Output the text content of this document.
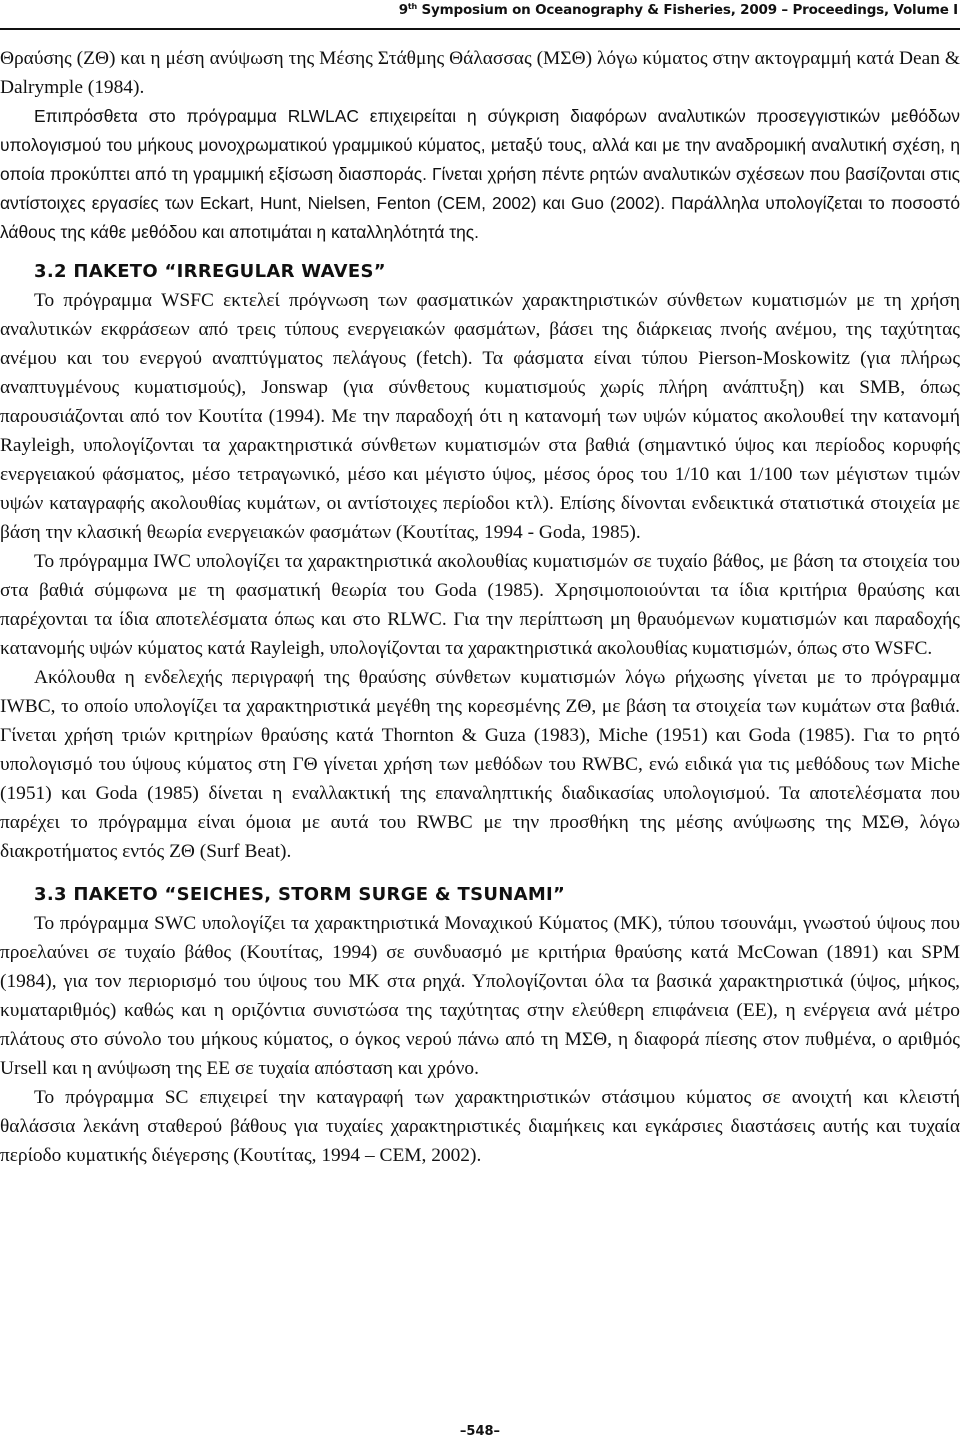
9th Symposium on Oceanography & Fisheries, 2009 – Proceedings, Volume I

Θραύσης (ΖΘ) και η μέση ανύψωση της Μέσης Στάθμης Θάλασσας (ΜΣΘ) λόγω κύματος στην ακτογραμμή κατά Dean & Dalrymple (1984).

Επιπρόσθετα στο πρόγραμμα RLWLAC επιχειρείται η σύγκριση διαφόρων αναλυτικών προσεγγιστικών μεθόδων υπολογισμού του μήκους μονοχρωματικού γραμμικού κύματος, μεταξύ τους, αλλά και με την αναδρομική αναλυτική σχέση, η οποία προκύπτει από τη γραμμική εξίσωση διασποράς. Γίνεται χρήση πέντε ρητών αναλυτικών σχέσεων που βασίζονται στις αντίστοιχες εργασίες των Eckart, Hunt, Nielsen, Fenton (CEM, 2002) και Guo (2002). Παράλληλα υπολογίζεται το ποσοστό λάθους της κάθε μεθόδου και αποτιμάται η καταλληλότητά της.

3.2 ΠΑΚΕΤΟ “IRREGULAR WAVES”

Το πρόγραμμα WSFC εκτελεί πρόγνωση των φασματικών χαρακτηριστικών σύνθετων κυματισμών με τη χρήση αναλυτικών εκφράσεων από τρεις τύπους ενεργειακών φασμάτων, βάσει της διάρκειας πνοής ανέμου, της ταχύτητας ανέμου και του ενεργού αναπτύγματος πελάγους (fetch). Τα φάσματα είναι τύπου Pierson-Moskowitz (για πλήρως αναπτυγμένους κυματισμούς), Jonswap (για σύνθετους κυματισμούς χωρίς πλήρη ανάπτυξη) και SMB, όπως παρουσιάζονται από τον Κουτίτα (1994). Με την παραδοχή ότι η κατανομή των υψών κύματος ακολουθεί την κατανομή Rayleigh, υπολογίζονται τα χαρακτηριστικά σύνθετων κυματισμών στα βαθιά (σημαντικό ύψος και περίοδος κορυφής ενεργειακού φάσματος, μέσο τετραγωνικό, μέσο και μέγιστο ύψος, μέσος όρος του 1/10 και 1/100 των μέγιστων τιμών υψών καταγραφής ακολουθίας κυμάτων, οι αντίστοιχες περίοδοι κτλ). Επίσης δίνονται ενδεικτικά στατιστικά στοιχεία με βάση την κλασική θεωρία ενεργειακών φασμάτων (Κουτίτας, 1994 - Goda, 1985).

Το πρόγραμμα IWC υπολογίζει τα χαρακτηριστικά ακολουθίας κυματισμών σε τυχαίο βάθος, με βάση τα στοιχεία του στα βαθιά σύμφωνα με τη φασματική θεωρία του Goda (1985). Χρησιμοποιούνται τα ίδια κριτήρια θραύσης και παρέχονται τα ίδια αποτελέσματα όπως και στο RLWC. Για την περίπτωση μη θραυόμενων κυματισμών και παραδοχής κατανομής υψών κύματος κατά Rayleigh, υπολογίζονται τα χαρακτηριστικά ακολουθίας κυματισμών, όπως στο WSFC.

Ακόλουθα η ενδελεχής περιγραφή της θραύσης σύνθετων κυματισμών λόγω ρήχωσης γίνεται με το πρόγραμμα IWBC, το οποίο υπολογίζει τα χαρακτηριστικά μεγέθη της κορεσμένης ΖΘ, με βάση τα στοιχεία των κυμάτων στα βαθιά. Γίνεται χρήση τριών κριτηρίων θραύσης κατά Thornton & Guza (1983), Miche (1951) και Goda (1985). Για το ρητό υπολογισμό του ύψους κύματος στη ΓΘ γίνεται χρήση των μεθόδων του RWBC, ενώ ειδικά για τις μεθόδους των Miche (1951) και Goda (1985) δίνεται η εναλλακτική της επαναληπτικής διαδικασίας υπολογισμού. Τα αποτελέσματα που παρέχει το πρόγραμμα είναι όμοια με αυτά του RWBC με την προσθήκη της μέσης ανύψωσης της ΜΣΘ, λόγω διακροτήματος εντός ΖΘ (Surf Beat).

3.3 ΠΑΚΕΤΟ “SEICHES, STORM SURGE & TSUNAMI”

Το πρόγραμμα SWC υπολογίζει τα χαρακτηριστικά Μοναχικού Κύματος (ΜΚ), τύπου τσουνάμι, γνωστού ύψους που προελαύνει σε τυχαίο βάθος (Κουτίτας, 1994) σε συνδυασμό με κριτήρια θραύσης κατά McCowan (1891) και SPM (1984), για τον περιορισμό του ύψους του ΜΚ στα ρηχά. Υπολογίζονται όλα τα βασικά χαρακτηριστικά (ύψος, μήκος, κυματαριθμός) καθώς και η οριζόντια συνιστώσα της ταχύτητας στην ελεύθερη επιφάνεια (ΕΕ), η ενέργεια ανά μέτρο πλάτους στο σύνολο του μήκους κύματος, ο όγκος νερού πάνω από τη ΜΣΘ, η διαφορά πίεσης στον πυθμένα, ο αριθμός Ursell και η ανύψωση της ΕΕ σε τυχαία απόσταση και χρόνο.

Το πρόγραμμα SC επιχειρεί την καταγραφή των χαρακτηριστικών στάσιμου κύματος σε ανοιχτή και κλειστή θαλάσσια λεκάνη σταθερού βάθους για τυχαίες χαρακτηριστικές διαμήκεις και εγκάρσιες διαστάσεις αυτής και τυχαία περίοδο κυματικής διέγερσης (Κουτίτας, 1994 – CEM, 2002).

–548–
